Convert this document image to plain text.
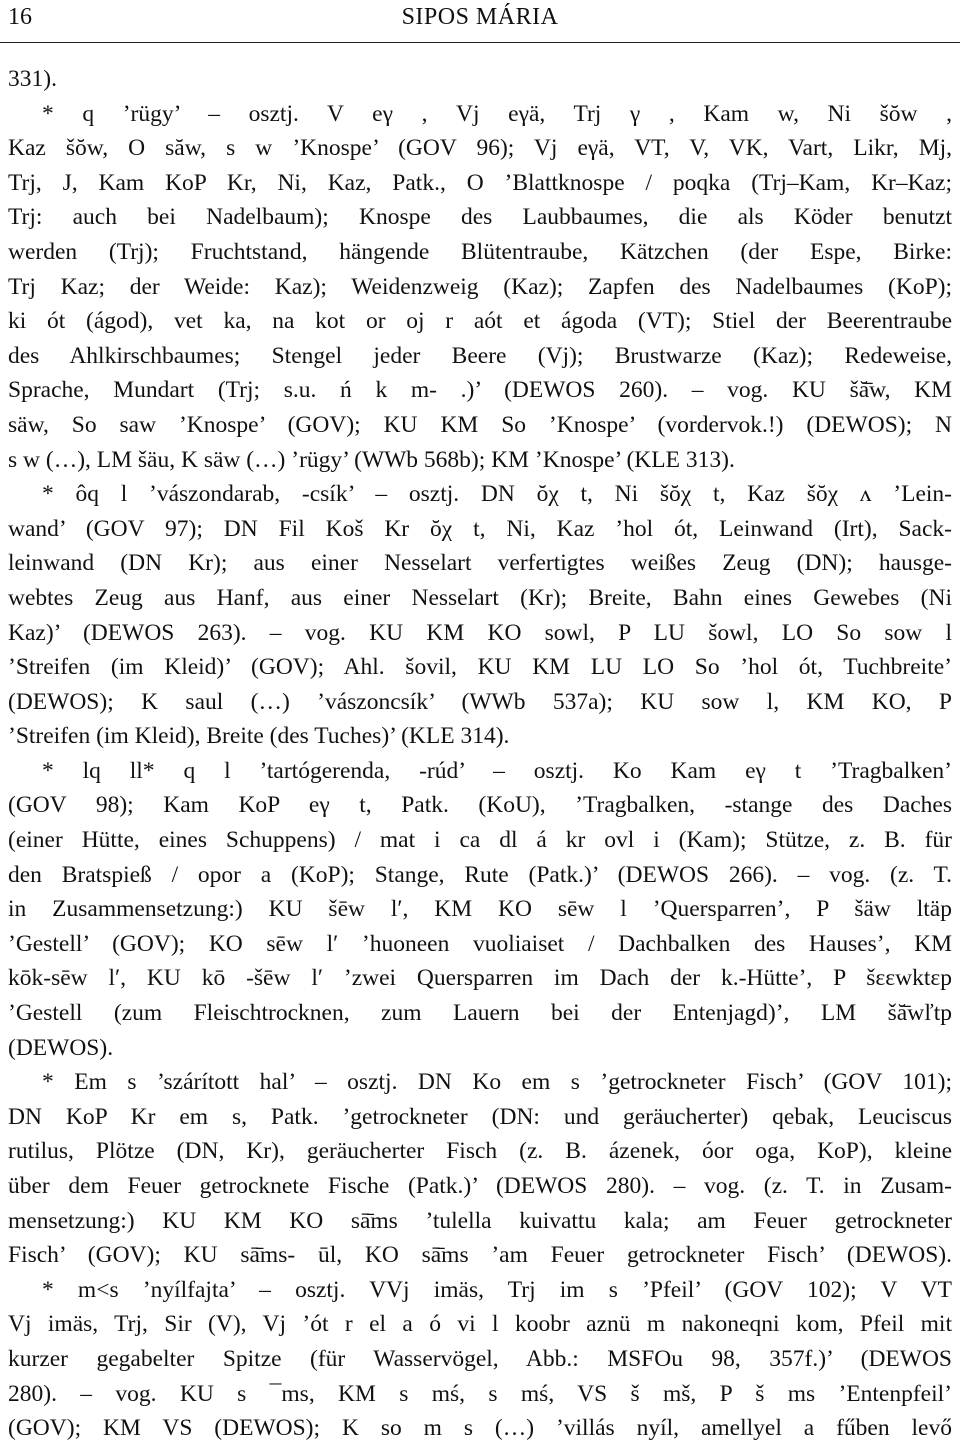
16	SIPOS MÁRIA
331).
* q ’rügy’ – osztj. V eγ , Vj eγä, Trj γ , Kam w, Ni šŏw ,
Kaz šŏw, O săw, s w ’Knospe’ (GOV 96); Vj eγä, VT, V, VK, Vart, Likr, Mj,
Trj, J, Kam KoP Kr, Ni, Kaz, Patk., O ’Blattknospe / poqka (Trj–Kam, Kr–Kaz;
Trj: auch bei Nadelbaum); Knospe des Laubbaumes, die als Köder benutzt
werden (Trj); Fruchtstand, hängende Blütentraube, Kätzchen (der Espe, Birke:
Trj Kaz; der Weide: Kaz); Weidenzweig (Kaz); Zapfen des Nadelbaumes (KoP);
ki ót (ágod), vet ka, na kot or oj r aót et ágoda (VT); Stiel der Beerentraube
des Ahlkirschbaumes; Stengel jeder Beere (Vj); Brustwarze (Kaz); Redeweise,
Sprache, Mundart (Trj; s.u. ń k m- .)’ (DEWOS 260). – vog. KU šă̄w, KM
säw, So saw ’Knospe’ (GOV); KU KM So ’Knospe’ (vordervok.!) (DEWOS); N
s w (…), LM šäu, K säw (…) ’rügy’ (WWb 568b); KM ’Knospe’ (KLE 313).
* ôq l ’vászondarab, -csík’ – osztj. DN ŏχ t, Ni šŏχ t, Kaz šŏχ ʌ ’Lein-
wand’ (GOV 97); DN Fil Koš Kr ŏχ t, Ni, Kaz ’hol ót, Leinwand (Irt), Sack-
leinwand (DN Kr); aus einer Nesselart verfertigtes weißes Zeug (DN); hausge-
webtes Zeug aus Hanf, aus einer Nesselart (Kr); Breite, Bahn eines Gewebes (Ni
Kaz)’ (DEWOS 263). – vog. KU KM KO sowl, P LU šowl, LO So sow l
’Streifen (im Kleid)’ (GOV); Ahl. šovil, KU KM LU LO So ’hol ót, Tuchbreite’
(DEWOS); K saul (…) ’vászoncsík’ (WWb 537a); KU sow l, KM KO, P
’Streifen (im Kleid), Breite (des Tuches)’ (KLE 314).
* lq ll* q l ’tartógerenda, -rúd’ – osztj. Ko Kam eγ t ’Tragbalken’
(GOV 98); Kam KoP eγ t, Patk. (KoU), ’Tragbalken, -stange des Daches
(einer Hütte, eines Schuppens) / mat i ca dl á kr ovl i (Kam); Stütze, z. B. für
den Bratspieß / opor a (KoP); Stange, Rute (Patk.)’ (DEWOS 266). – vog. (z. T.
in Zusammensetzung:) KU šēw l′, KM KO sēw l ’Quersparren’, P šäw ltäp
’Gestell’ (GOV); KO sēw l′ ’huoneen vuoliaiset / Dachbalken des Hauses’, KM
kōk-sēw l′, KU kō -šēw l′ ’zwei Quersparren im Dach der k.-Hütte’, P šεεwktεp
’Gestell (zum Fleischtrocknen, zum Lauern bei der Entenjagd)’, LM šă̄wľtp
(DEWOS).
* Em s ’szárított hal’ – osztj. DN Ko em s ’getrockneter Fisch’ (GOV 101);
DN KoP Kr em s, Patk. ’getrockneter (DN: und geräucherter) qebak, Leuciscus
rutilus, Plötze (DN, Kr), geräucherter Fisch (z. B. ázenek, óor oga, KoP), kleine
über dem Feuer getrocknete Fische (Patk.)’ (DEWOS 280). – vog. (z. T. in Zusam-
mensetzung:) KU KM KO sā̄ms ’tulella kuivattu kala; am Feuer getrockneter
Fisch’ (GOV); KU sā̄ms- ūl, KO sā̄ms ’am Feuer getrockneter Fisch’ (DEWOS).
* m<s ’nyílfajta’ – osztj. VVj imäs, Trj im s ’Pfeil’ (GOV 102); V VT
Vj imäs, Trj, Sir (V), Vj ’ót r el a ó vi l koobr aznü m nakoneqni kom, Pfeil mit
kurzer gegabelter Spitze (für Wasservögel, Abb.: MSFOu 98, 357f.)’ (DEWOS
280). – vog. KU s ¯ms, KM s mś, s mś, VS š mš, P š ms ’Entenpfeil’
(GOV); KM VS (DEWOS); K so m s (…) ’villás nyíl, amellyel a fűben levő
